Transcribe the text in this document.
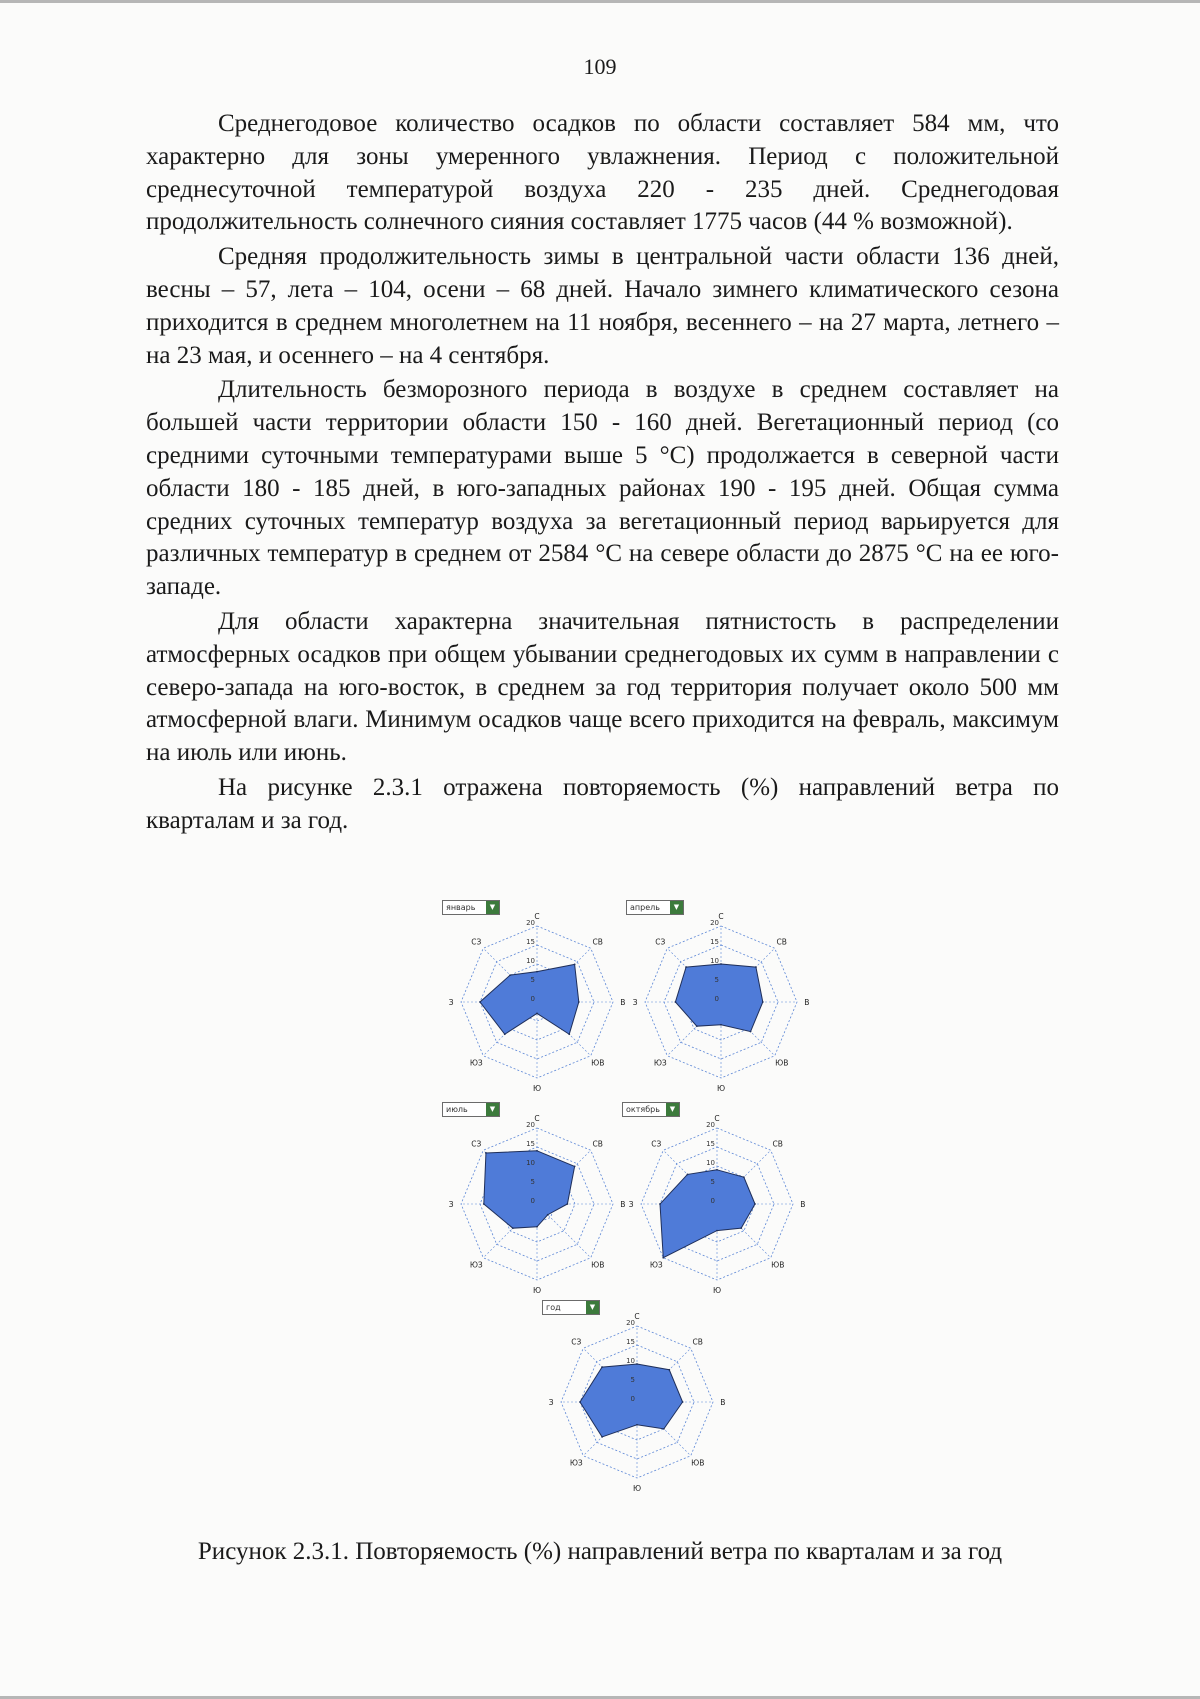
109

Среднегодовое количество осадков по области составляет 584 мм, что характерно для зоны умеренного увлажнения. Период с положительной среднесуточной температурой воздуха 220 - 235 дней. Среднегодовая продолжительность солнечного сияния составляет 1775 часов (44 % возможной).

Средняя продолжительность зимы в центральной части области 136 дней, весны – 57, лета – 104, осени – 68 дней. Начало зимнего климатического сезона приходится в среднем многолетнем на 11 ноября, весеннего – на 27 марта, летнего – на 23 мая, и осеннего – на 4 сентября.

Длительность безморозного периода в воздухе в среднем составляет на большей части территории области 150 - 160 дней. Вегетационный период (со средними суточными температурами выше 5 °С) продолжается в северной части области 180 - 185 дней, в юго-западных районах 190 - 195 дней. Общая сумма средних суточных температур воздуха за вегетационный период варьируется для различных температур в среднем от 2584 °С на севере области до 2875 °С на ее юго-западе.

Для области характерна значительная пятнистость в распределении атмосферных осадков при общем убывании среднегодовых их сумм в направлении с северо-запада на юго-восток, в среднем за год территория получает около 500 мм атмосферной влаги. Минимум осадков чаще всего приходится на февраль, максимум на июль или июнь.

На рисунке 2.3.1 отражена повторяемость (%) направлений ветра по кварталам и за год.

январь	▼
0
5
10
15
20
С
СВ
В
ЮВ
Ю
ЮЗ
З
СЗ
апрель	▼
0
5
10
15
20
С
СВ
В
ЮВ
Ю
ЮЗ
З
СЗ
июль	▼
0
5
10
15
20
С
СВ
В
ЮВ
Ю
ЮЗ
З
СЗ
октябрь	▼
0
5
10
15
20
С
СВ
В
ЮВ
Ю
ЮЗ
З
СЗ
год	▼
0
5
10
15
20
С
СВ
В
ЮВ
Ю
ЮЗ
З
СЗ
Рисунок 2.3.1. Повторяемость (%) направлений ветра по кварталам и за год
